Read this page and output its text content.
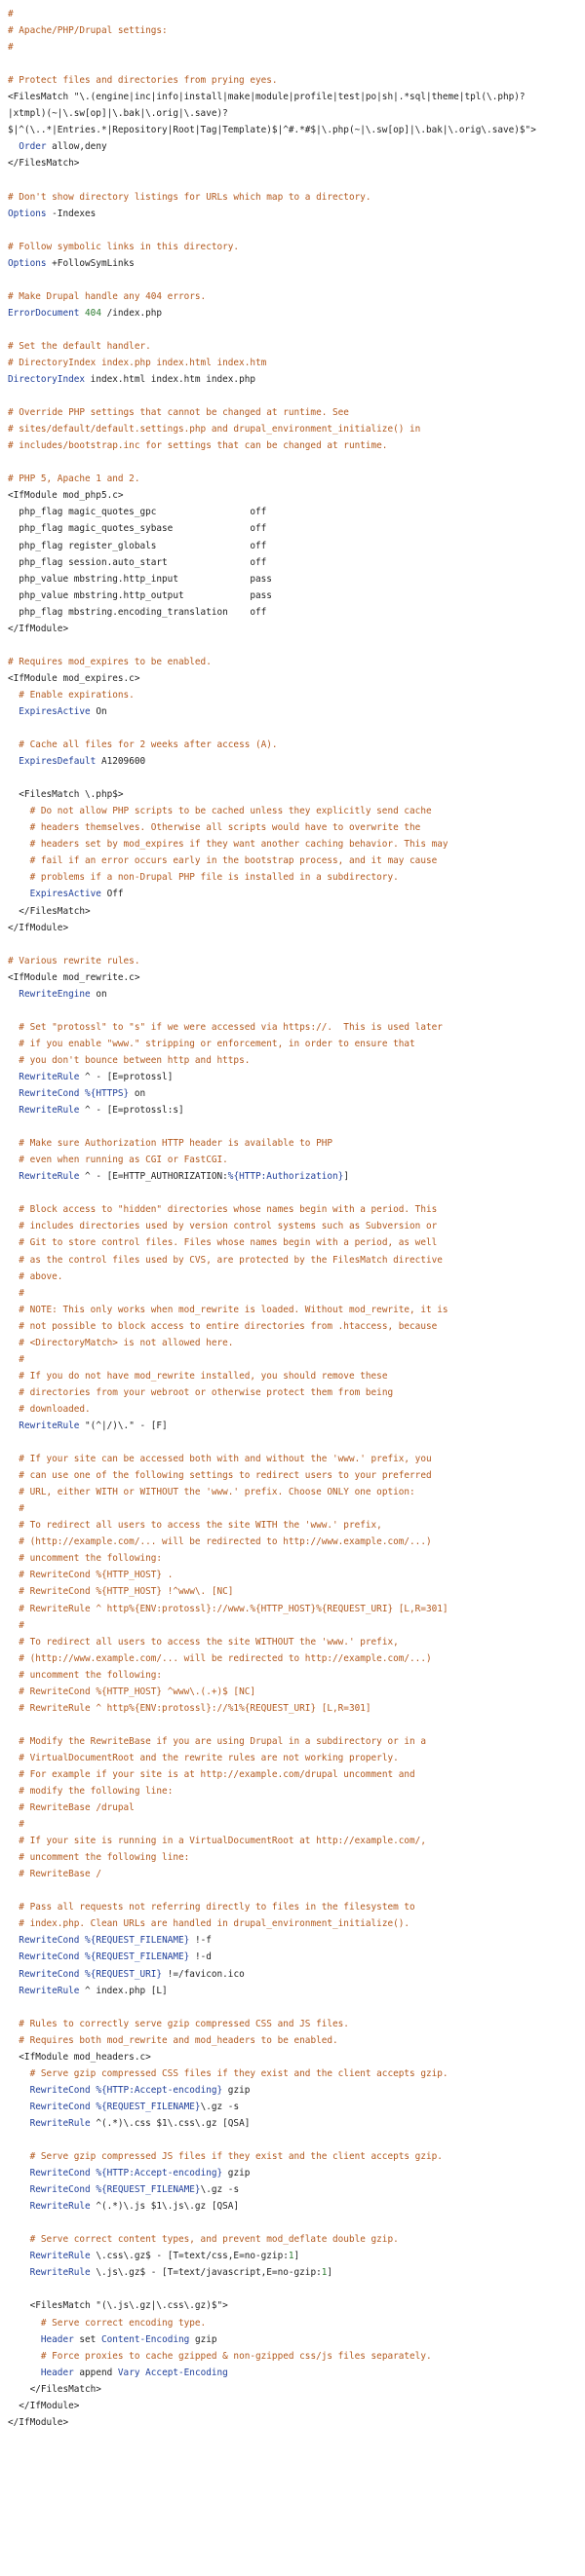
#
# Apache/PHP/Drupal settings:
#
# Protect files and directories from prying eyes.
<FilesMatch "\.(engine|inc|info|install|make|module|profile|test|po|sh|.*sql|theme|tpl(\.php)?
|xtmpl)(~|\.sw[op]|\.bak|\.orig|\.save)?
$|^(\..*|Entries.*|Repository|Root|Tag|Template)$|^#.*#$|\.php(~|\.sw[op]|\.bak|\.orig\.save)$">
Order allow,deny
</FilesMatch>
# Don't show directory listings for URLs which map to a directory.
Options -Indexes
# Follow symbolic links in this directory.
Options +FollowSymLinks
# Make Drupal handle any 404 errors.
ErrorDocument 404 /index.php
# Set the default handler.
# DirectoryIndex index.php index.html index.htm
DirectoryIndex index.html index.htm index.php
# Override PHP settings that cannot be changed at runtime. See
# sites/default/default.settings.php and drupal_environment_initialize() in
# includes/bootstrap.inc for settings that can be changed at runtime.
# PHP 5, Apache 1 and 2.
<IfModule mod_php5.c>
php_flag magic_quotes_gpc                 off
php_flag magic_quotes_sybase              off
php_flag register_globals                 off
php_flag session.auto_start               off
php_value mbstring.http_input             pass
php_value mbstring.http_output            pass
php_flag mbstring.encoding_translation    off
</IfModule>
# Requires mod_expires to be enabled.
<IfModule mod_expires.c>
# Enable expirations.
ExpiresActive On
# Cache all files for 2 weeks after access (A).
ExpiresDefault A1209600
<FilesMatch \.php$>
# Do not allow PHP scripts to be cached unless they explicitly send cache
# headers themselves. Otherwise all scripts would have to overwrite the
# headers set by mod_expires if they want another caching behavior. This may
# fail if an error occurs early in the bootstrap process, and it may cause
# problems if a non-Drupal PHP file is installed in a subdirectory.
ExpiresActive Off
</FilesMatch>
</IfModule>
# Various rewrite rules.
<IfModule mod_rewrite.c>
RewriteEngine on
# Set "protossl" to "s" if we were accessed via https://.  This is used later
# if you enable "www." stripping or enforcement, in order to ensure that
# you don't bounce between http and https.
RewriteRule ^ - [E=protossl]
RewriteCond %{HTTPS} on
RewriteRule ^ - [E=protossl:s]
# Make sure Authorization HTTP header is available to PHP
# even when running as CGI or FastCGI.
RewriteRule ^ - [E=HTTP_AUTHORIZATION:%{HTTP:Authorization}]
# Block access to "hidden" directories whose names begin with a period. This
# includes directories used by version control systems such as Subversion or
# Git to store control files. Files whose names begin with a period, as well
# as the control files used by CVS, are protected by the FilesMatch directive
# above.
#
# NOTE: This only works when mod_rewrite is loaded. Without mod_rewrite, it is
# not possible to block access to entire directories from .htaccess, because
# <DirectoryMatch> is not allowed here.
#
# If you do not have mod_rewrite installed, you should remove these
# directories from your webroot or otherwise protect them from being
# downloaded.
RewriteRule "(^|/)\." - [F]
# If your site can be accessed both with and without the 'www.' prefix, you
# can use one of the following settings to redirect users to your preferred
# URL, either WITH or WITHOUT the 'www.' prefix. Choose ONLY one option:
#
# To redirect all users to access the site WITH the 'www.' prefix,
# (http://example.com/... will be redirected to http://www.example.com/...)
# uncomment the following:
# RewriteCond %{HTTP_HOST} .
# RewriteCond %{HTTP_HOST} !^www\. [NC]
# RewriteRule ^ http%{ENV:protossl}://www.%{HTTP_HOST}%{REQUEST_URI} [L,R=301]
#
# To redirect all users to access the site WITHOUT the 'www.' prefix,
# (http://www.example.com/... will be redirected to http://example.com/...)
# uncomment the following:
# RewriteCond %{HTTP_HOST} ^www\.(.+)$ [NC]
# RewriteRule ^ http%{ENV:protossl}://%1%{REQUEST_URI} [L,R=301]
# Modify the RewriteBase if you are using Drupal in a subdirectory or in a
# VirtualDocumentRoot and the rewrite rules are not working properly.
# For example if your site is at http://example.com/drupal uncomment and
# modify the following line:
# RewriteBase /drupal
#
# If your site is running in a VirtualDocumentRoot at http://example.com/,
# uncomment the following line:
# RewriteBase /
# Pass all requests not referring directly to files in the filesystem to
# index.php. Clean URLs are handled in drupal_environment_initialize().
RewriteCond %{REQUEST_FILENAME} !-f
RewriteCond %{REQUEST_FILENAME} !-d
RewriteCond %{REQUEST_URI} !=/favicon.ico
RewriteRule ^ index.php [L]
# Rules to correctly serve gzip compressed CSS and JS files.
# Requires both mod_rewrite and mod_headers to be enabled.
<IfModule mod_headers.c>
# Serve gzip compressed CSS files if they exist and the client accepts gzip.
RewriteCond %{HTTP:Accept-encoding} gzip
RewriteCond %{REQUEST_FILENAME}\.gz -s
RewriteRule ^(.*)\.css $1\.css\.gz [QSA]
# Serve gzip compressed JS files if they exist and the client accepts gzip.
RewriteCond %{HTTP:Accept-encoding} gzip
RewriteCond %{REQUEST_FILENAME}\.gz -s
RewriteRule ^(.*)\.js $1\.js\.gz [QSA]
# Serve correct content types, and prevent mod_deflate double gzip.
RewriteRule \.css\.gz$ - [T=text/css,E=no-gzip:1]
RewriteRule \.js\.gz$ - [T=text/javascript,E=no-gzip:1]
<FilesMatch "(\.js\.gz|\.css\.gz)$">
# Serve correct encoding type.
Header set Content-Encoding gzip
# Force proxies to cache gzipped & non-gzipped css/js files separately.
Header append Vary Accept-Encoding
</FilesMatch>
</IfModule>
</IfModule>
